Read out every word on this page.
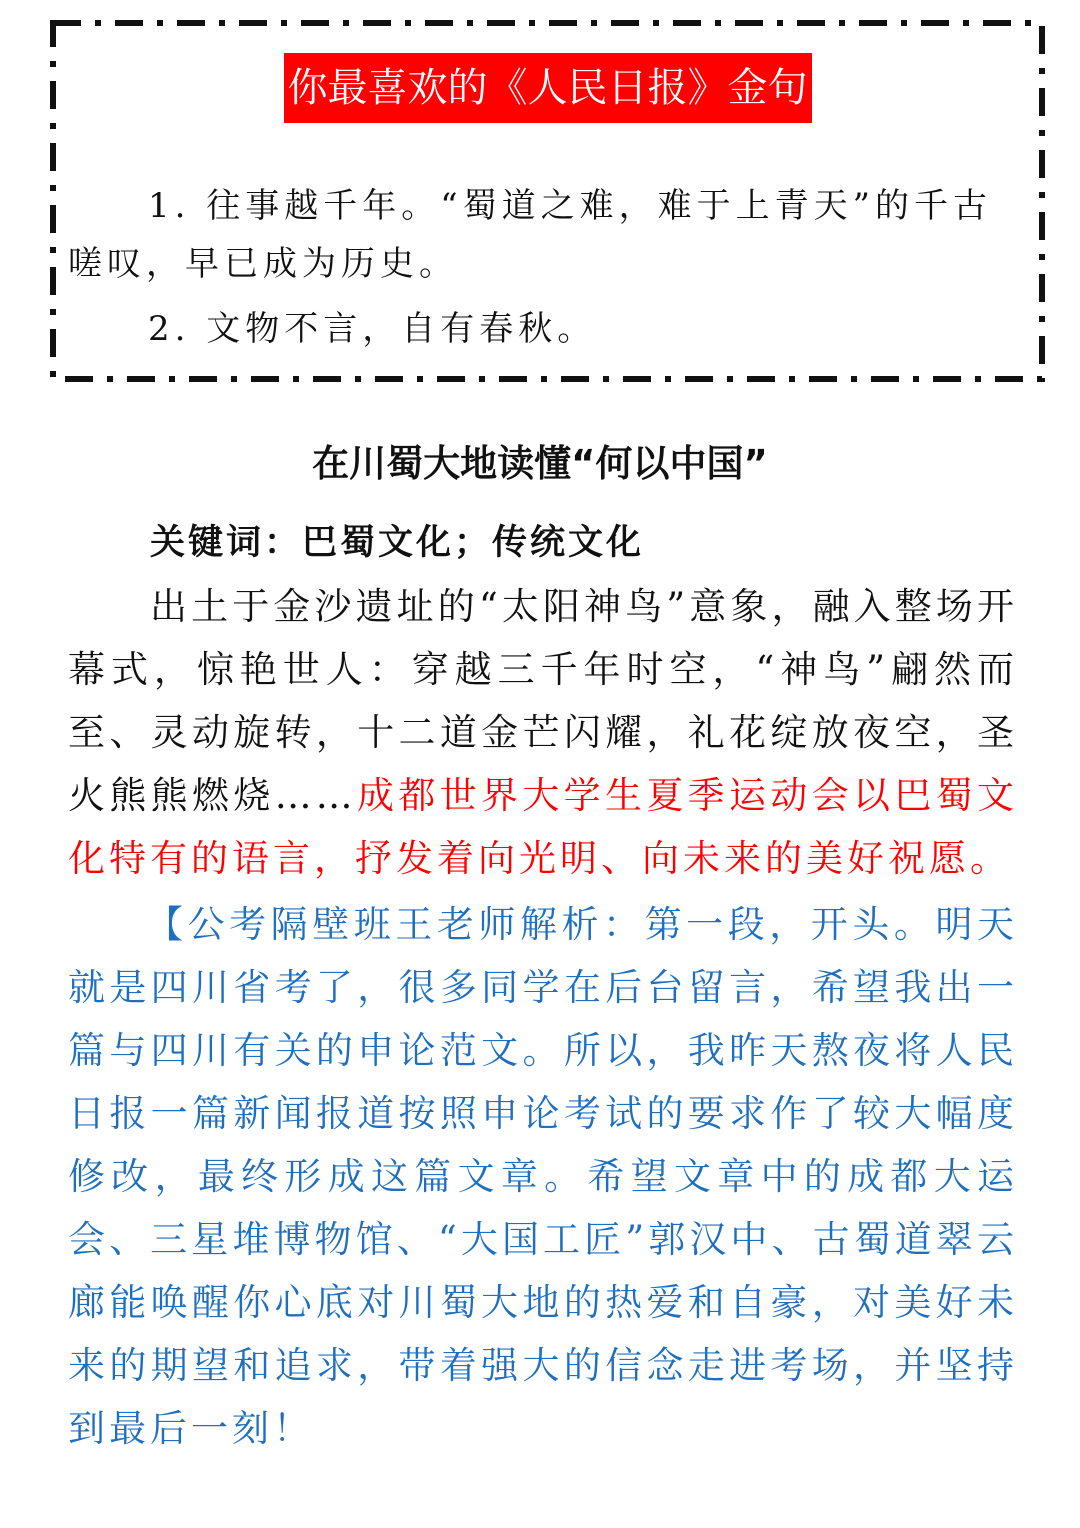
你最喜欢的《人民日报》金句
1. 往事越千年。“蜀道之难，难于上青天”的千古嗟叹，早已成为历史。
2. 文物不言，自有春秋。
在川蜀大地读懂“何以中国”
关键词：巴蜀文化；传统文化
出土于金沙遗址的“太阳神鸟”意象，融入整场开幕式，惊艳世人：穿越三千年时空，“神鸟”翩然而至、灵动旋转，十二道金芒闪耀，礼花绽放夜空，圣火熊熊燃烧……成都世界大学生夏季运动会以巴蜀文化特有的语言，抒发着向光明、向未来的美好祝愿。
【公考隔壁班王老师解析：第一段，开头。明天就是四川省考了，很多同学在后台留言，希望我出一篇与四川有关的申论范文。所以，我昨天熬夜将人民日报一篇新闻报道按照申论考试的要求作了较大幅度修改，最终形成这篇文章。希望文章中的成都大运会、三星堆博物馆、“大国工匠”郭汉中、古蜀道翠云廊能唤醒你心底对川蜀大地的热爱和自豪，对美好未来的期望和追求，带着强大的信念走进考场，并坚持到最后一刻！
